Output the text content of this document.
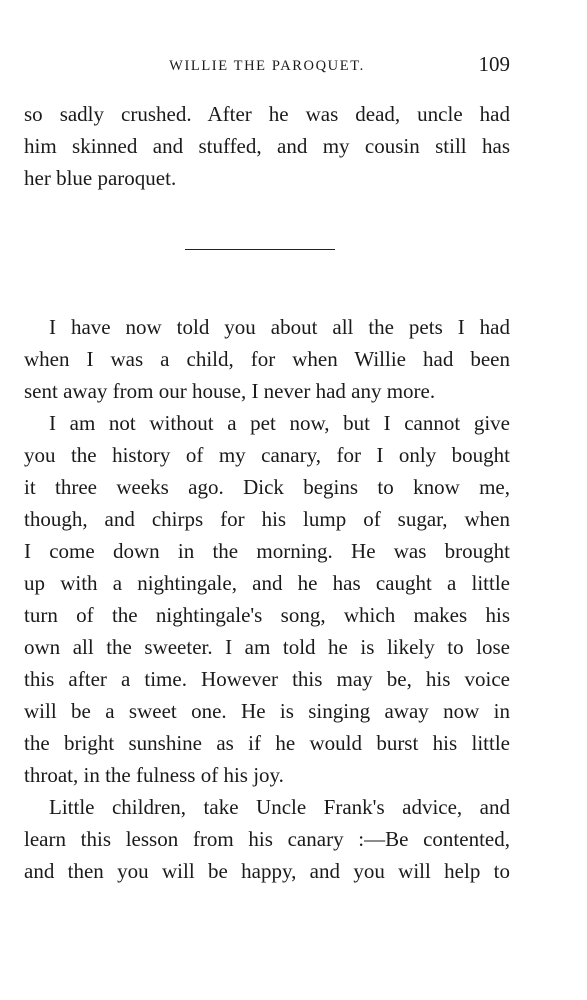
WILLIE THE PAROQUET.	109
so sadly crushed. After he was dead, uncle had
him skinned and stuffed, and my cousin still has
her blue paroquet.
I have now told you about all the pets I had
when I was a child, for when Willie had been
sent away from our house, I never had any more.
I am not without a pet now, but I cannot give
you the history of my canary, for I only bought
it three weeks ago. Dick begins to know me,
though, and chirps for his lump of sugar, when
I come down in the morning. He was brought
up with a nightingale, and he has caught a little
turn of the nightingale's song, which makes his
own all the sweeter. I am told he is likely to lose
this after a time. However this may be, his voice
will be a sweet one. He is singing away now in
the bright sunshine as if he would burst his little
throat, in the fulness of his joy.
Little children, take Uncle Frank's advice, and
learn this lesson from his canary :—Be contented,
and then you will be happy, and you will help to
